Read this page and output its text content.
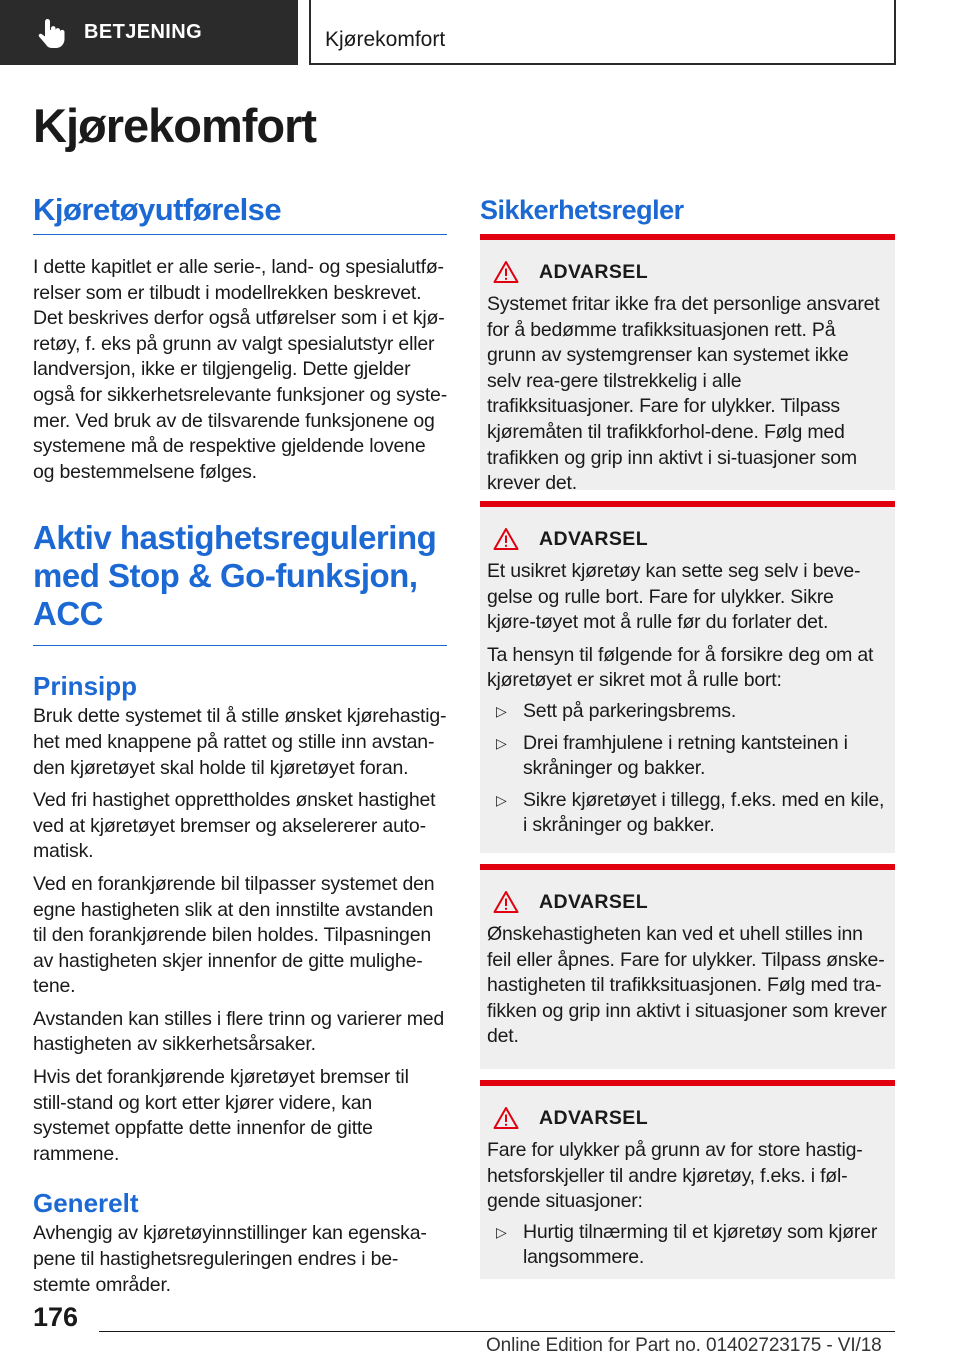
BETJENING	Kjørekomfort
Kjørekomfort
Kjøretøyutførelse

I dette kapitlet er alle serie-, land- og spesialutfø-relser som er tilbudt i modellrekken beskrevet. Det beskrives derfor også utførelser som i et kjø-retøy, f. eks på grunn av valgt spesialutstyr eller landversjon, ikke er tilgjengelig. Dette gjelder også for sikkerhetsrelevante funksjoner og syste-mer. Ved bruk av de tilsvarende funksjonene og systemene må de respektive gjeldende lovene og bestemmelsene følges.

Aktiv hastighetsregulering med Stop & Go-funksjon, ACC
Prinsipp

Bruk dette systemet til å stille ønsket kjørehastig-het med knappene på rattet og stille inn avstan-den kjøretøyet skal holde til kjøretøyet foran.

Ved fri hastighet opprettholdes ønsket hastighet ved at kjøretøyet bremser og akselererer auto-matisk.

Ved en forankjørende bil tilpasser systemet den egne hastigheten slik at den innstilte avstanden til den forankjørende bilen holdes. Tilpasningen av hastigheten skjer innenfor de gitte mulighe-tene.

Avstanden kan stilles i flere trinn og varierer med hastigheten av sikkerhetsårsaker.

Hvis det forankjørende kjøretøyet bremser til still-stand og kort etter kjører videre, kan systemet oppfatte dette innenfor de gitte rammene.

Generelt

Avhengig av kjøretøyinnstillinger kan egenska-pene til hastighetsreguleringen endres i be-stemte områder.

Sikkerhetsregler
ADVARSEL

Systemet fritar ikke fra det personlige ansvaret for å bedømme trafikksituasjonen rett. På grunn av systemgrenser kan systemet ikke selv rea-gere tilstrekkelig i alle trafikksituasjoner. Fare for ulykker. Tilpass kjøremåten til trafikkforhol-dene. Følg med trafikken og grip inn aktivt i si-tuasjoner som krever det.

ADVARSEL

Et usikret kjøretøy kan sette seg selv i beve-gelse og rulle bort. Fare for ulykker. Sikre kjøre-tøyet mot å rulle før du forlater det.

Ta hensyn til følgende for å forsikre deg om at kjøretøyet er sikret mot å rulle bort:

▷ Sett på parkeringsbrems.
▷ Drei framhjulene i retning kantsteinen i skråninger og bakker.
▷ Sikre kjøretøyet i tillegg, f.eks. med en kile, i skråninger og bakker.
ADVARSEL

Ønskehastigheten kan ved et uhell stilles inn feil eller åpnes. Fare for ulykker. Tilpass ønske-hastigheten til trafikksituasjonen. Følg med tra-fikken og grip inn aktivt i situasjoner som krever det.

ADVARSEL

Fare for ulykker på grunn av for store hastig-hetsforskjeller til andre kjøretøy, f.eks. i føl-gende situasjoner:

▷ Hurtig tilnærming til et kjøretøy som kjører langsommere.
176
Online Edition for Part no. 01402723175 - VI/18
